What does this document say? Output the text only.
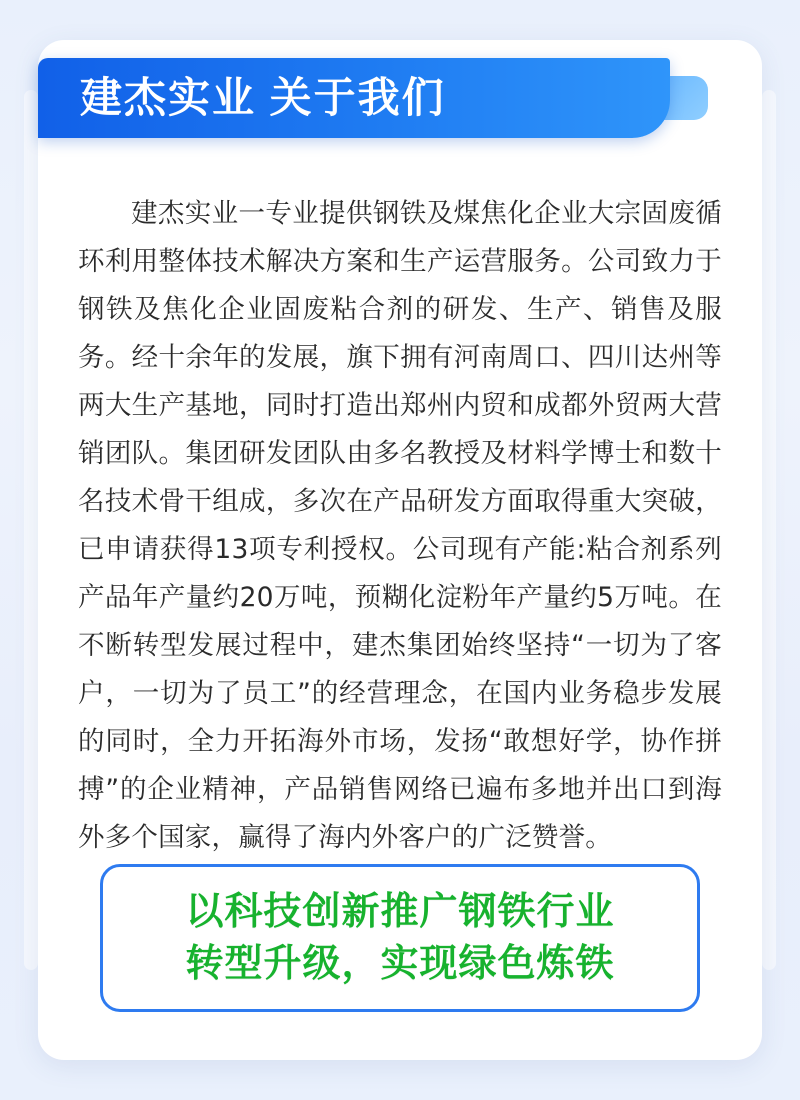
建杰实业一专业提供钢铁及煤焦化企业大宗固废循环利用整体技术解决方案和生产运营服务。公司致力于钢铁及焦化企业固废粘合剂的研发、生产、销售及服务。经十余年的发展，旗下拥有河南周口、四川达州等两大生产基地，同时打造出郑州内贸和成都外贸两大营销团队。集团研发团队由多名教授及材料学博士和数十名技术骨干组成，多次在产品研发方面取得重大突破，已申请获得13项专利授权。公司现有产能:粘合剂系列产品年产量约20万吨，预糊化淀粉年产量约5万吨。在不断转型发展过程中，建杰集团始终坚持“一切为了客户，一切为了员工”的经营理念，在国内业务稳步发展的同时，全力开拓海外市场，发扬“敢想好学，协作拼搏”的企业精神，产品销售网络已遍布多地并出口到海外多个国家，赢得了海内外客户的广泛赞誉。

以科技创新推广钢铁行业
转型升级，实现绿色炼铁
建杰实业 关于我们
